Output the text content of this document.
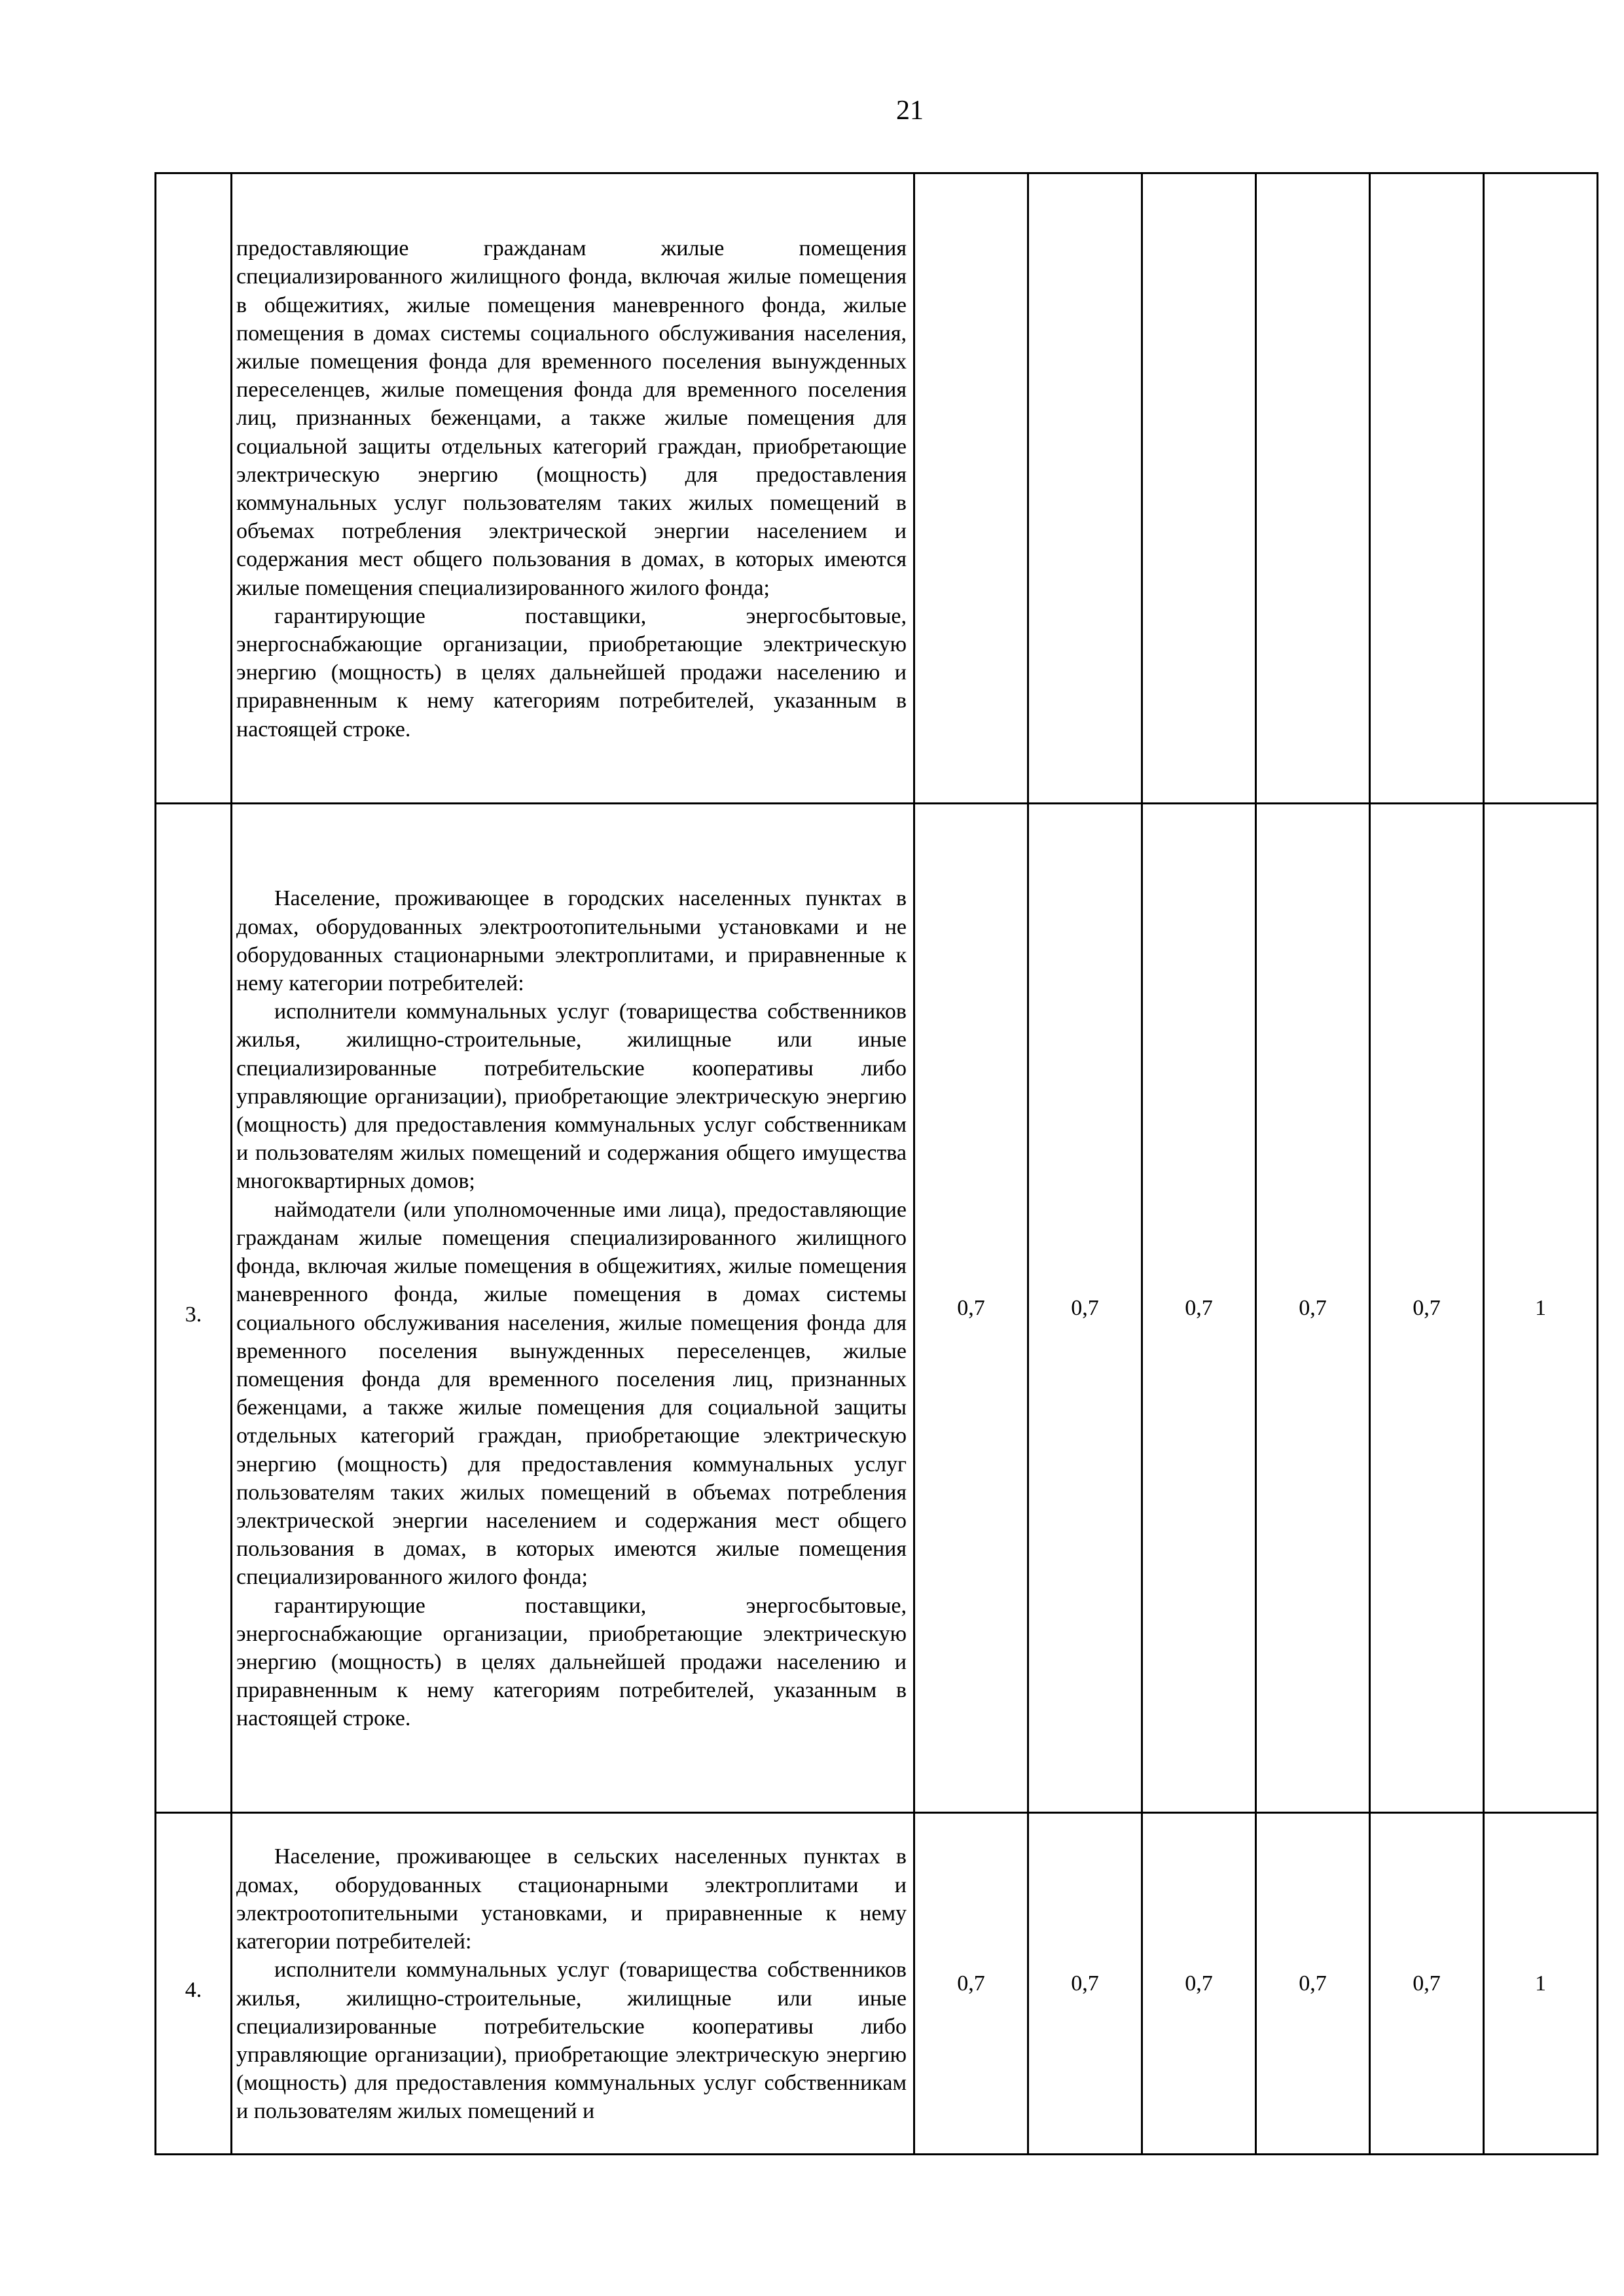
21

	предоставляющие гражданам жилые помещения специализированного жилищного фонда, включая жилые помещения в общежитиях, жилые помещения маневренного фонда, жилые помещения в домах системы социального обслуживания населения, жилые помещения фонда для временного поселения вынужденных переселенцев, жилые помещения фонда для временного поселения лиц, признанных беженцами, а также жилые помещения для социальной защиты отдельных категорий граждан, приобретающие электрическую энергию (мощность) для предоставления коммунальных услуг пользователям таких жилых помещений в объемах потребления электрической энергии населением и содержания мест общего пользования в домах, в которых имеются жилые помещения специализированного жилого фонда;

гарантирующие поставщики, энергосбытовые, энергоснабжающие организации, приобретающие электрическую энергию (мощность) в целях дальнейшей продажи населению и приравненным к нему категориям потребителей, указанным в настоящей строке.						

3.	Население, проживающее в городских населенных пунктах в домах, оборудованных электроотопительными установками и не оборудованных стационарными электроплитами, и приравненные к нему категории потребителей:

исполнители коммунальных услуг (товарищества собственников жилья, жилищно-строительные, жилищные или иные специализированные потребительские кооперативы либо управляющие организации), приобретающие электрическую энергию (мощность) для предоставления коммунальных услуг собственникам и пользователям жилых помещений и содержания общего имущества многоквартирных домов;

наймодатели (или уполномоченные ими лица), предоставляющие гражданам жилые помещения специализированного жилищного фонда, включая жилые помещения в общежитиях, жилые помещения маневренного фонда, жилые помещения в домах системы социального обслуживания населения, жилые помещения фонда для временного поселения вынужденных переселенцев, жилые помещения фонда для временного поселения лиц, признанных беженцами, а также жилые помещения для социальной защиты отдельных категорий граждан, приобретающие электрическую энергию (мощность) для предоставления коммунальных услуг пользователям таких жилых помещений в объемах потребления электрической энергии населением и содержания мест общего пользования в домах, в которых имеются жилые помещения специализированного жилого фонда;

гарантирующие поставщики, энергосбытовые, энергоснабжающие организации, приобретающие электрическую энергию (мощность) в целях дальнейшей продажи населению и приравненным к нему категориям потребителей, указанным в настоящей строке.	0,7	0,7	0,7	0,7	0,7	1
4.	Население, проживающее в сельских населенных пунктах в домах, оборудованных стационарными электроплитами и электроотопительными установками, и приравненные к нему категории потребителей:

исполнители коммунальных услуг (товарищества собственников жилья, жилищно-строительные, жилищные или иные специализированные потребительские кооперативы либо управляющие организации), приобретающие электрическую энергию (мощность) для предоставления коммунальных услуг собственникам и пользователям жилых помещений и	0,7	0,7	0,7	0,7	0,7	1
